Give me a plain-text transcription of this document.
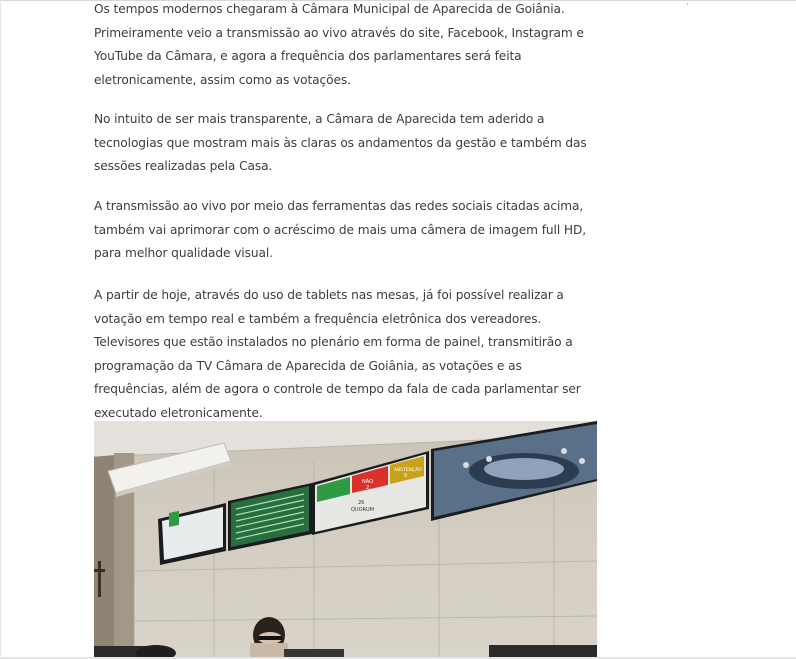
,

Os tempos modernos chegaram à Câmara Municipal de Aparecida de Goiânia. Primeiramente veio a transmissão ao vivo através do site, Facebook, Instagram e YouTube da Câmara, e agora a frequência dos parlamentares será feita eletronicamente, assim como as votações.

No intuito de ser mais transparente, a Câmara de Aparecida tem aderido a tecnologias que mostram mais às claras os andamentos da gestão e também das sessões realizadas pela Casa.

A transmissão ao vivo por meio das ferramentas das redes sociais citadas acima, também vai aprimorar com o acréscimo de mais uma câmera de imagem full HD, para melhor qualidade visual.

A partir de hoje, através do uso de tablets nas mesas, já foi possível realizar a votação em tempo real e também a frequência eletrônica dos vereadores. Televisores que estão instalados no plenário em forma de painel, transmitirão a programação da TV Câmara de Aparecida de Goiânia, as votações e as frequências, além de agora o controle de tempo da fala de cada parlamentar ser executado eletronicamente.

NÃO
2
ABSTENÇÃO
0
26
QUORUM
